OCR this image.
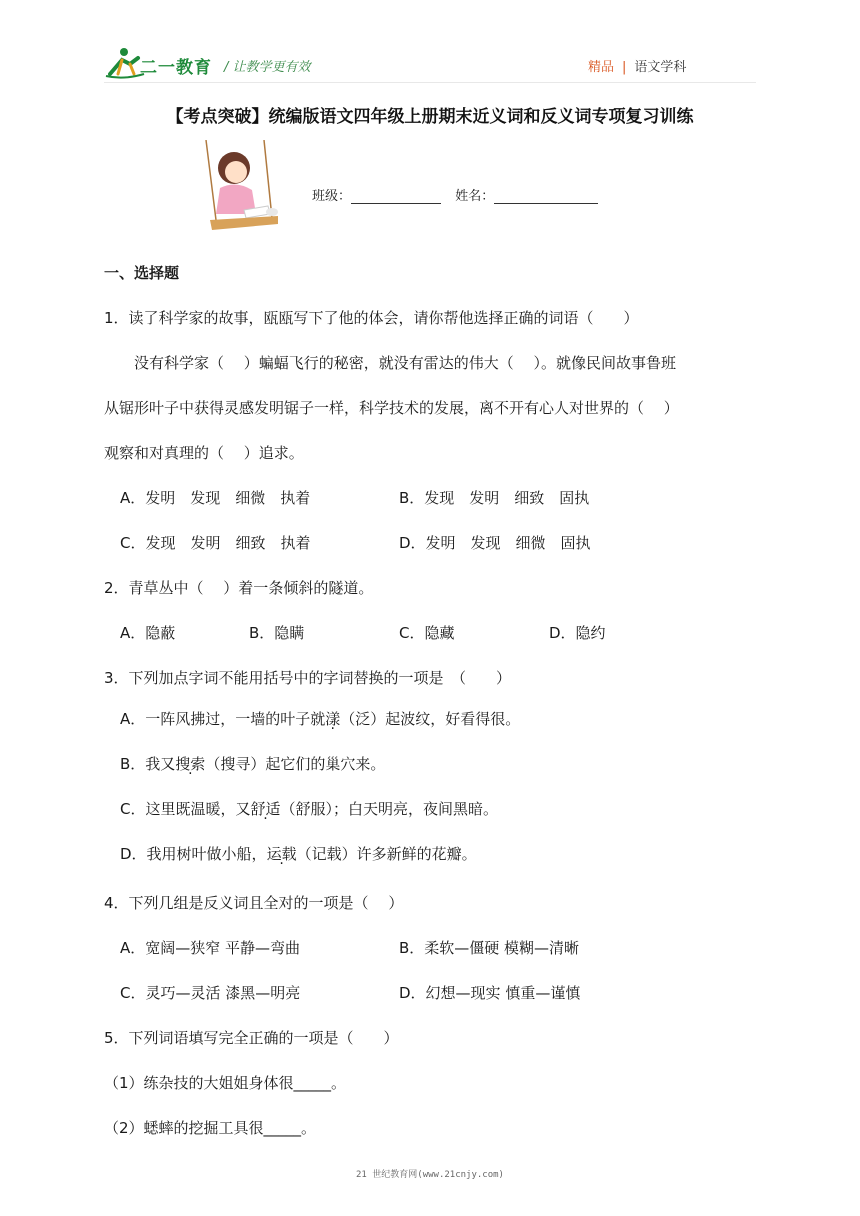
二一教育 / 让教学更有效	精品 | 语文学科
【考点突破】统编版语文四年级上册期末近义词和反义词专项复习训练
班级：	姓名：
一、选择题
1．读了科学家的故事，瓯瓯写下了他的体会，请你帮他选择正确的词语（　　）
没有科学家（　 ）蝙蝠飞行的秘密，就没有雷达的伟大（　 ）。就像民间故事鲁班
从锯形叶子中获得灵感发明锯子一样，科学技术的发展，离不开有心人对世界的（　 ）
观察和对真理的（　 ）追求。
A．发明　发现　细微　执着	B．发现　发明　细致　固执
C．发现　发明　细致　执着	D．发明　发现　细微　固执
2．青草丛中（　 ）着一条倾斜的隧道。
A．隐蔽	B．隐瞒	C．隐藏	D．隐约
3．下列加点字词不能用括号中的字词替换的一项是　（　　）
A．一阵风拂过，一墙的叶子就漾（泛）起波纹，好看得很。
B．我又搜索（搜寻）起它们的巢穴来。
C．这里既温暖，又舒适（舒服）；白天明亮，夜间黑暗。
D．我用树叶做小船，运载（记载）许多新鲜的花瓣。
4．下列几组是反义词且全对的一项是（　 ）
A．宽阔—狭窄 平静—弯曲	B．柔软—僵硬 模糊—清晰
C．灵巧—灵活 漆黑—明亮	D．幻想—现实 慎重—谨慎
5．下列词语填写完全正确的一项是（　　）
（1）练杂技的大姐姐身体很_____。
（2）蟋蟀的挖掘工具很_____。
21 世纪教育网(www.21cnjy.com)
